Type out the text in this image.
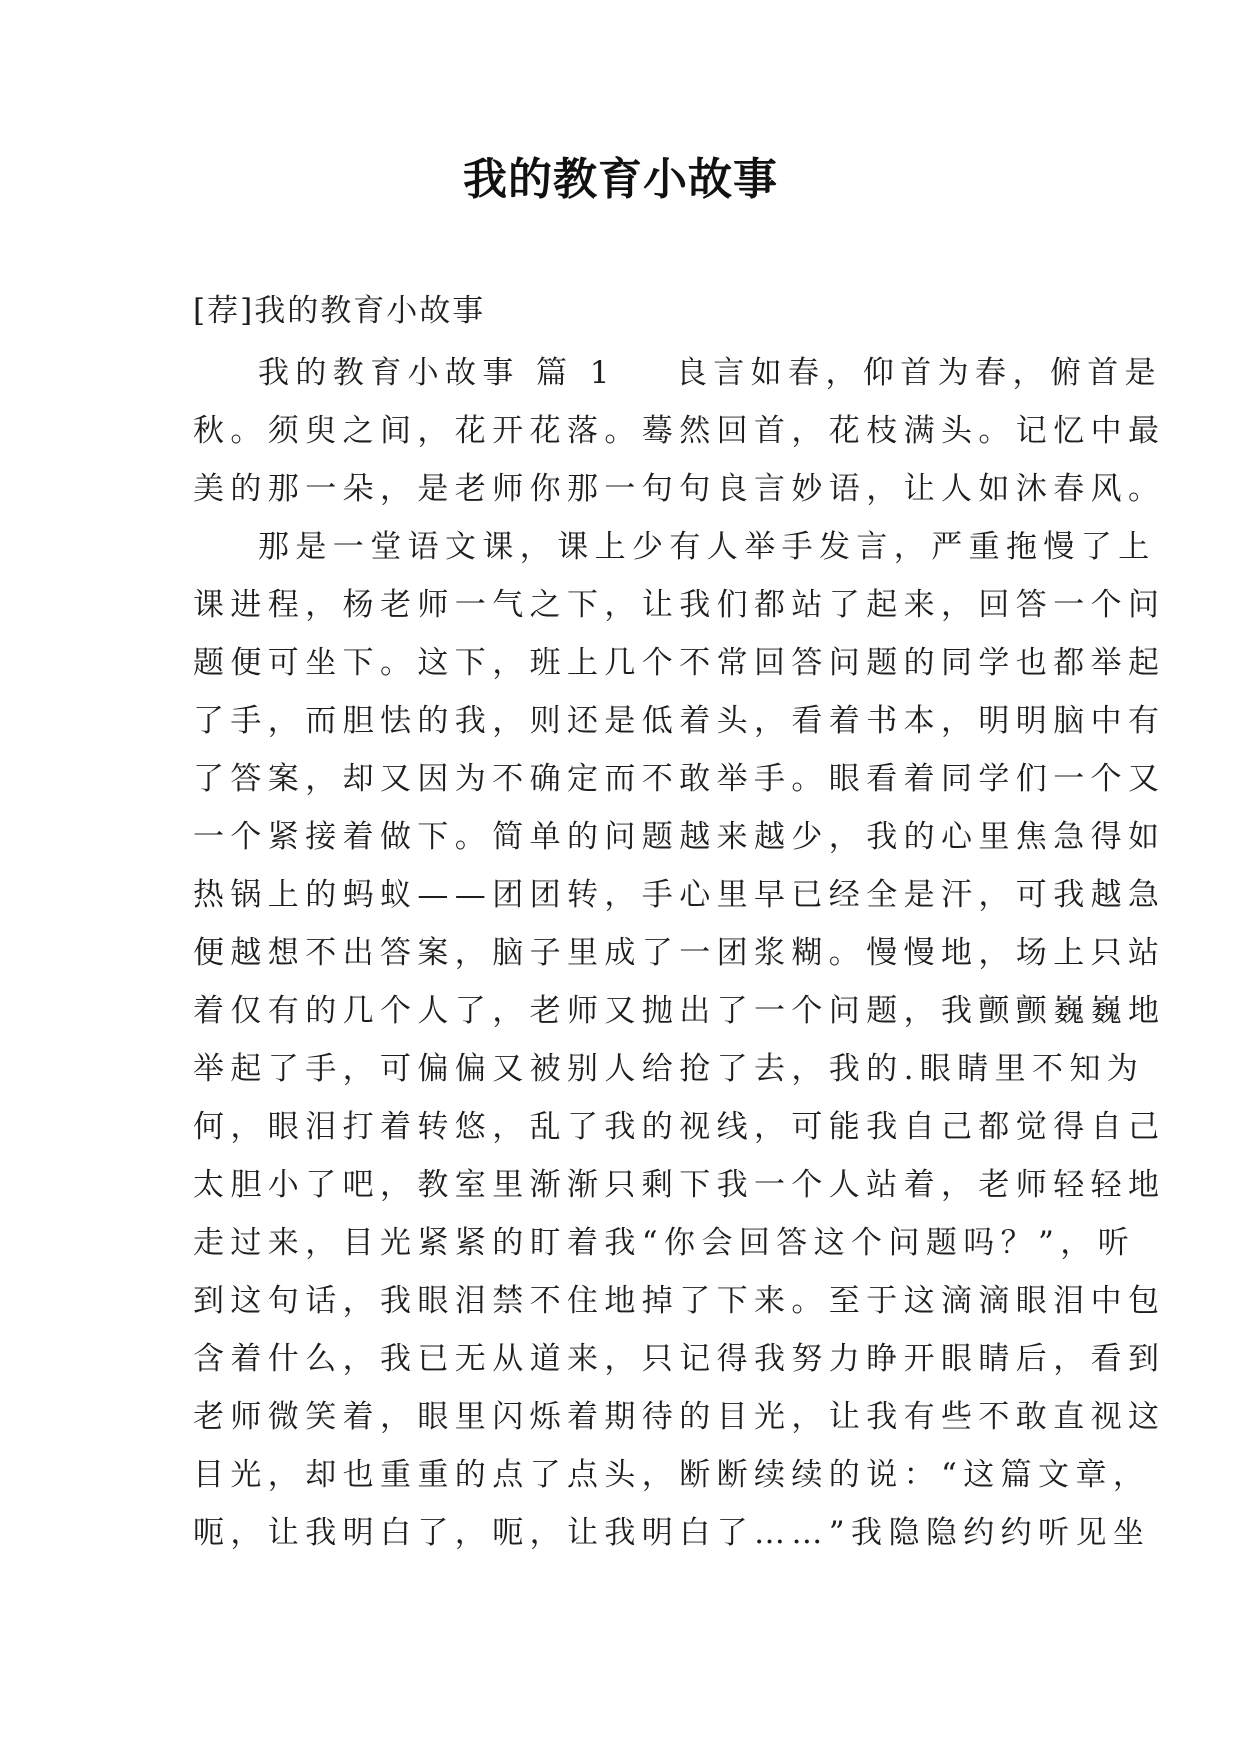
我的教育小故事
[荐]我的教育小故事
我的教育小故事 篇 1 良言如春，仰首为春，俯首是
秋。须臾之间，花开花落。蓦然回首，花枝满头。记忆中最
美的那一朵，是老师你那一句句良言妙语，让人如沐春风。
那是一堂语文课，课上少有人举手发言，严重拖慢了上
课进程，杨老师一气之下，让我们都站了起来，回答一个问
题便可坐下。这下，班上几个不常回答问题的同学也都举起
了手，而胆怯的我，则还是低着头，看着书本，明明脑中有
了答案，却又因为不确定而不敢举手。眼看着同学们一个又
一个紧接着做下。简单的问题越来越少，我的心里焦急得如
热锅上的蚂蚁——团团转，手心里早已经全是汗，可我越急
便越想不出答案，脑子里成了一团浆糊。慢慢地，场上只站
着仅有的几个人了，老师又抛出了一个问题，我颤颤巍巍地
举起了手，可偏偏又被别人给抢了去，我的.眼睛里不知为
何，眼泪打着转悠，乱了我的视线，可能我自己都觉得自己
太胆小了吧，教室里渐渐只剩下我一个人站着，老师轻轻地
走过来，目光紧紧的盯着我“你会回答这个问题吗？”，听
到这句话，我眼泪禁不住地掉了下来。至于这滴滴眼泪中包
含着什么，我已无从道来，只记得我努力睁开眼睛后，看到
老师微笑着，眼里闪烁着期待的目光，让我有些不敢直视这
目光，却也重重的点了点头，断断续续的说：“这篇文章，
呃，让我明白了，呃，让我明白了……”我隐隐约约听见坐
